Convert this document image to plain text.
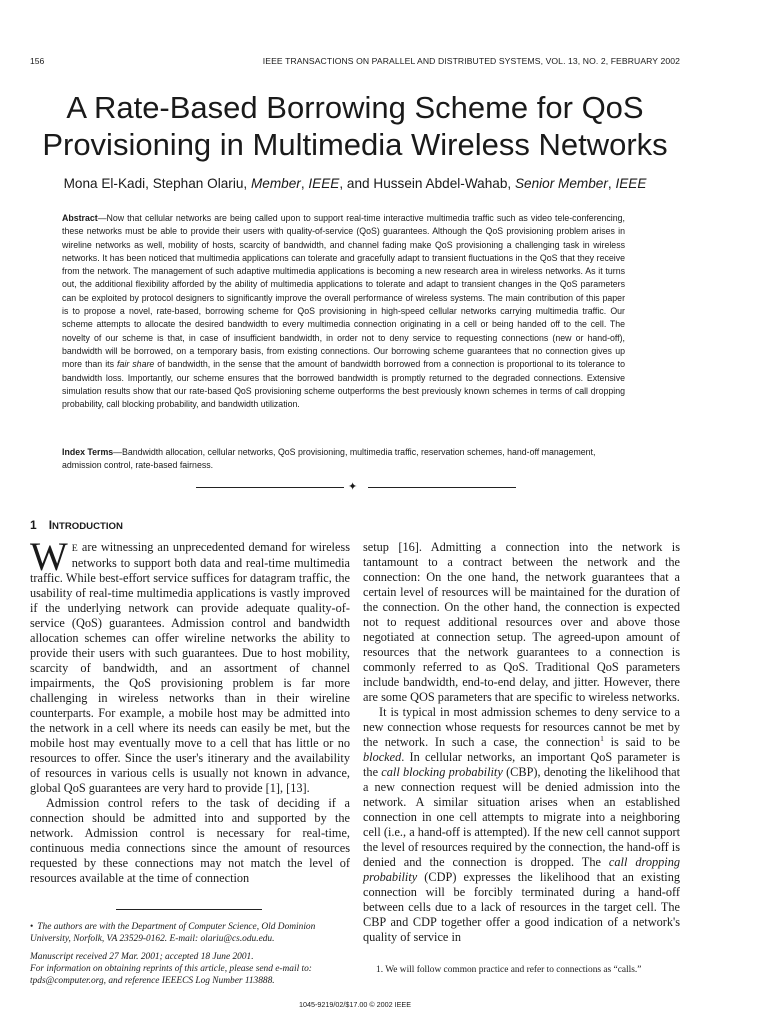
156	IEEE TRANSACTIONS ON PARALLEL AND DISTRIBUTED SYSTEMS, VOL. 13, NO. 2, FEBRUARY 2002
A Rate-Based Borrowing Scheme for QoS
Provisioning in Multimedia Wireless Networks
Mona El-Kadi, Stephan Olariu, Member, IEEE, and Hussein Abdel-Wahab, Senior Member, IEEE

Abstract—Now that cellular networks are being called upon to support real-time interactive multimedia traffic such as video tele-conferencing, these networks must be able to provide their users with quality-of-service (QoS) guarantees. Although the QoS provisioning problem arises in wireline networks as well, mobility of hosts, scarcity of bandwidth, and channel fading make QoS provisioning a challenging task in wireless networks. It has been noticed that multimedia applications can tolerate and gracefully adapt to transient fluctuations in the QoS that they receive from the network. The management of such adaptive multimedia applications is becoming a new research area in wireless networks. As it turns out, the additional flexibility afforded by the ability of multimedia applications to tolerate and adapt to transient changes in the QoS parameters can be exploited by protocol designers to significantly improve the overall performance of wireless systems. The main contribution of this paper is to propose a novel, rate-based, borrowing scheme for QoS provisioning in high-speed cellular networks carrying multimedia traffic. Our scheme attempts to allocate the desired bandwidth to every multimedia connection originating in a cell or being handed off to the cell. The novelty of our scheme is that, in case of insufficient bandwidth, in order not to deny service to requesting connections (new or hand-off), bandwidth will be borrowed, on a temporary basis, from existing connections. Our borrowing scheme guarantees that no connection gives up more than its fair share of bandwidth, in the sense that the amount of bandwidth borrowed from a connection is proportional to its tolerance to bandwidth loss. Importantly, our scheme ensures that the borrowed bandwidth is promptly returned to the degraded connections. Extensive simulation results show that our rate-based QoS provisioning scheme outperforms the best previously known schemes in terms of call dropping probability, call blocking probability, and bandwidth utilization.

Index Terms—Bandwidth allocation, cellular networks, QoS provisioning, multimedia traffic, reservation schemes, hand-off management, admission control, rate-based fairness.

✦
1 INTRODUCTION

W E are witnessing an unprecedented demand for wireless networks to support both data and real-time multimedia traffic. While best-effort service suffices for datagram traffic, the usability of real-time multimedia applications is vastly improved if the underlying network can provide adequate quality-of-service (QoS) guarantees. Admission control and bandwidth allocation schemes can offer wireline networks the ability to provide their users with such guarantees. Due to host mobility, scarcity of bandwidth, and an assortment of channel impairments, the QoS provisioning problem is far more challenging in wireless networks than in their wireline counterparts. For example, a mobile host may be admitted into the network in a cell where its needs can easily be met, but the mobile host may eventually move to a cell that has little or no resources to offer. Since the user's itinerary and the availability of resources in various cells is usually not known in advance, global QoS guarantees are very hard to provide [1], [13].

Admission control refers to the task of deciding if a connection should be admitted into and supported by the network. Admission control is necessary for real-time, continuous media connections since the amount of resources requested by these connections may not match the level of resources available at the time of connection

setup [16]. Admitting a connection into the network is tantamount to a contract between the network and the connection: On the one hand, the network guarantees that a certain level of resources will be maintained for the duration of the connection. On the other hand, the connection is expected not to request additional resources over and above those negotiated at connection setup. The agreed-upon amount of resources that the network guarantees to a connection is commonly referred to as QoS. Traditional QoS parameters include bandwidth, end-to-end delay, and jitter. However, there are some QOS parameters that are specific to wireless networks.

It is typical in most admission schemes to deny service to a new connection whose requests for resources cannot be met by the network. In such a case, the connection$^1$ is said to be blocked. In cellular networks, an important QoS parameter is the call blocking probability (CBP), denoting the likelihood that a new connection request will be denied admission into the network. A similar situation arises when an established connection in one cell attempts to migrate into a neighboring cell (i.e., a hand-off is attempted). If the new cell cannot support the level of resources required by the connection, the hand-off is denied and the connection is dropped. The call dropping probability (CDP) expresses the likelihood that an existing connection will be forcibly terminated during a hand-off between cells due to a lack of resources in the target cell. The CBP and CDP together offer a good indication of a network's quality of service in

• The authors are with the Department of Computer Science, Old Dominion University, Norfolk, VA 23529-0162. E-mail: olariu@cs.odu.edu.

Manuscript received 27 Mar. 2001; accepted 18 June 2001.

For information on obtaining reprints of this article, please send e-mail to:

tpds@computer.org, and reference IEEECS Log Number 113888.

1. We will follow common practice and refer to connections as “calls.”
1045-9219/02/$17.00 © 2002 IEEE
